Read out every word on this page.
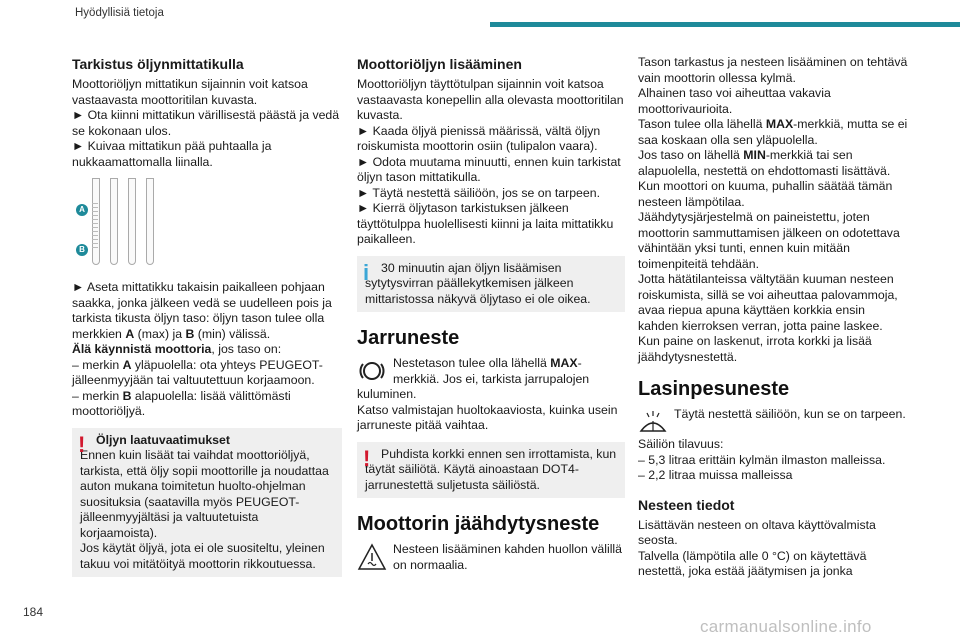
Hyödyllisiä tietoja
Tarkistus öljynmittatikulla

Moottoriöljyn mittatikun sijainnin voit katsoa vastaavasta moottoritilan kuvasta.

► Ota kiinni mittatikun värillisestä päästä ja vedä se kokonaan ulos.

► Kuivaa mittatikun pää puhtaalla ja nukkaamattomalla liinalla.

A
B

► Aseta mittatikku takaisin paikalleen pohjaan saakka, jonka jälkeen vedä se uudelleen pois ja tarkista tikusta öljyn taso: öljyn tason tulee olla merkkien A (max) ja B (min) välissä.

Älä käynnistä moottoria, jos taso on:

– merkin A yläpuolella: ota yhteys PEUGEOT-jälleenmyyjään tai valtuutettuun korjaamoon.

– merkin B alapuolella: lisää välittömästi moottoriöljyä.

! Öljyn laatuvaatimukset

Ennen kuin lisäät tai vaihdat moottoriöljyä, tarkista, että öljy sopii moottorille ja noudattaa auton mukana toimitetun huolto-ohjelman suosituksia (saatavilla myös PEUGEOT-jälleenmyyjältäsi ja valtuutetuista korjaamoista).

Jos käytät öljyä, jota ei ole suositeltu, yleinen takuu voi mitätöityä moottorin rikkoutuessa.

Moottoriöljyn lisääminen

Moottoriöljyn täyttötulpan sijainnin voit katsoa vastaavasta konepellin alla olevasta moottoritilan kuvasta.

► Kaada öljyä pienissä määrissä, vältä öljyn roiskumista moottorin osiin (tulipalon vaara).

► Odota muutama minuutti, ennen kuin tarkistat öljyn tason mittatikulla.

► Täytä nestettä säiliöön, jos se on tarpeen.

► Kierrä öljytason tarkistuksen jälkeen täyttötulppa huolellisesti kiinni ja laita mittatikku paikalleen.

i 30 minuutin ajan öljyn lisäämisen sytytysvirran päällekytkemisen jälkeen mittaristossa näkyvä öljytaso ei ole oikea.

Jarruneste

Nestetason tulee olla lähellä MAX-merkkiä. Jos ei, tarkista jarrupalojen kuluminen.

Katso valmistajan huoltokaaviosta, kuinka usein jarruneste pitää vaihtaa.

! Puhdista korkki ennen sen irrottamista, kun täytät säiliötä. Käytä ainoastaan DOT4-jarrunestettä suljetusta säiliöstä.

Moottorin jäähdytysneste

Nesteen lisääminen kahden huollon välillä on normaalia.

Tason tarkastus ja nesteen lisääminen on tehtävä vain moottorin ollessa kylmä.

Alhainen taso voi aiheuttaa vakavia moottorivaurioita.

Tason tulee olla lähellä MAX-merkkiä, mutta se ei saa koskaan olla sen yläpuolella.

Jos taso on lähellä MIN-merkkiä tai sen alapuolella, nestettä on ehdottomasti lisättävä.

Kun moottori on kuuma, puhallin säätää tämän nesteen lämpötilaa.

Jäähdytysjärjestelmä on paineistettu, joten moottorin sammuttamisen jälkeen on odotettava vähintään yksi tunti, ennen kuin mitään toimenpiteitä tehdään.

Jotta hätätilanteissa vältytään kuuman nesteen roiskumista, sillä se voi aiheuttaa palovammoja, avaa riepua apuna käyttäen korkkia ensin kahden kierroksen verran, jotta paine laskee.

Kun paine on laskenut, irrota korkki ja lisää jäähdytysnestettä.

Lasinpesuneste

Täytä nestettä säiliöön, kun se on tarpeen.

Säiliön tilavuus:

– 5,3 litraa erittäin kylmän ilmaston malleissa.

– 2,2 litraa muissa malleissa

Nesteen tiedot

Lisättävän nesteen on oltava käyttövalmista seosta.

Talvella (lämpötila alle 0 °C) on käytettävä nestettä, joka estää jäätymisen ja jonka

184
carmanualsonline.info
